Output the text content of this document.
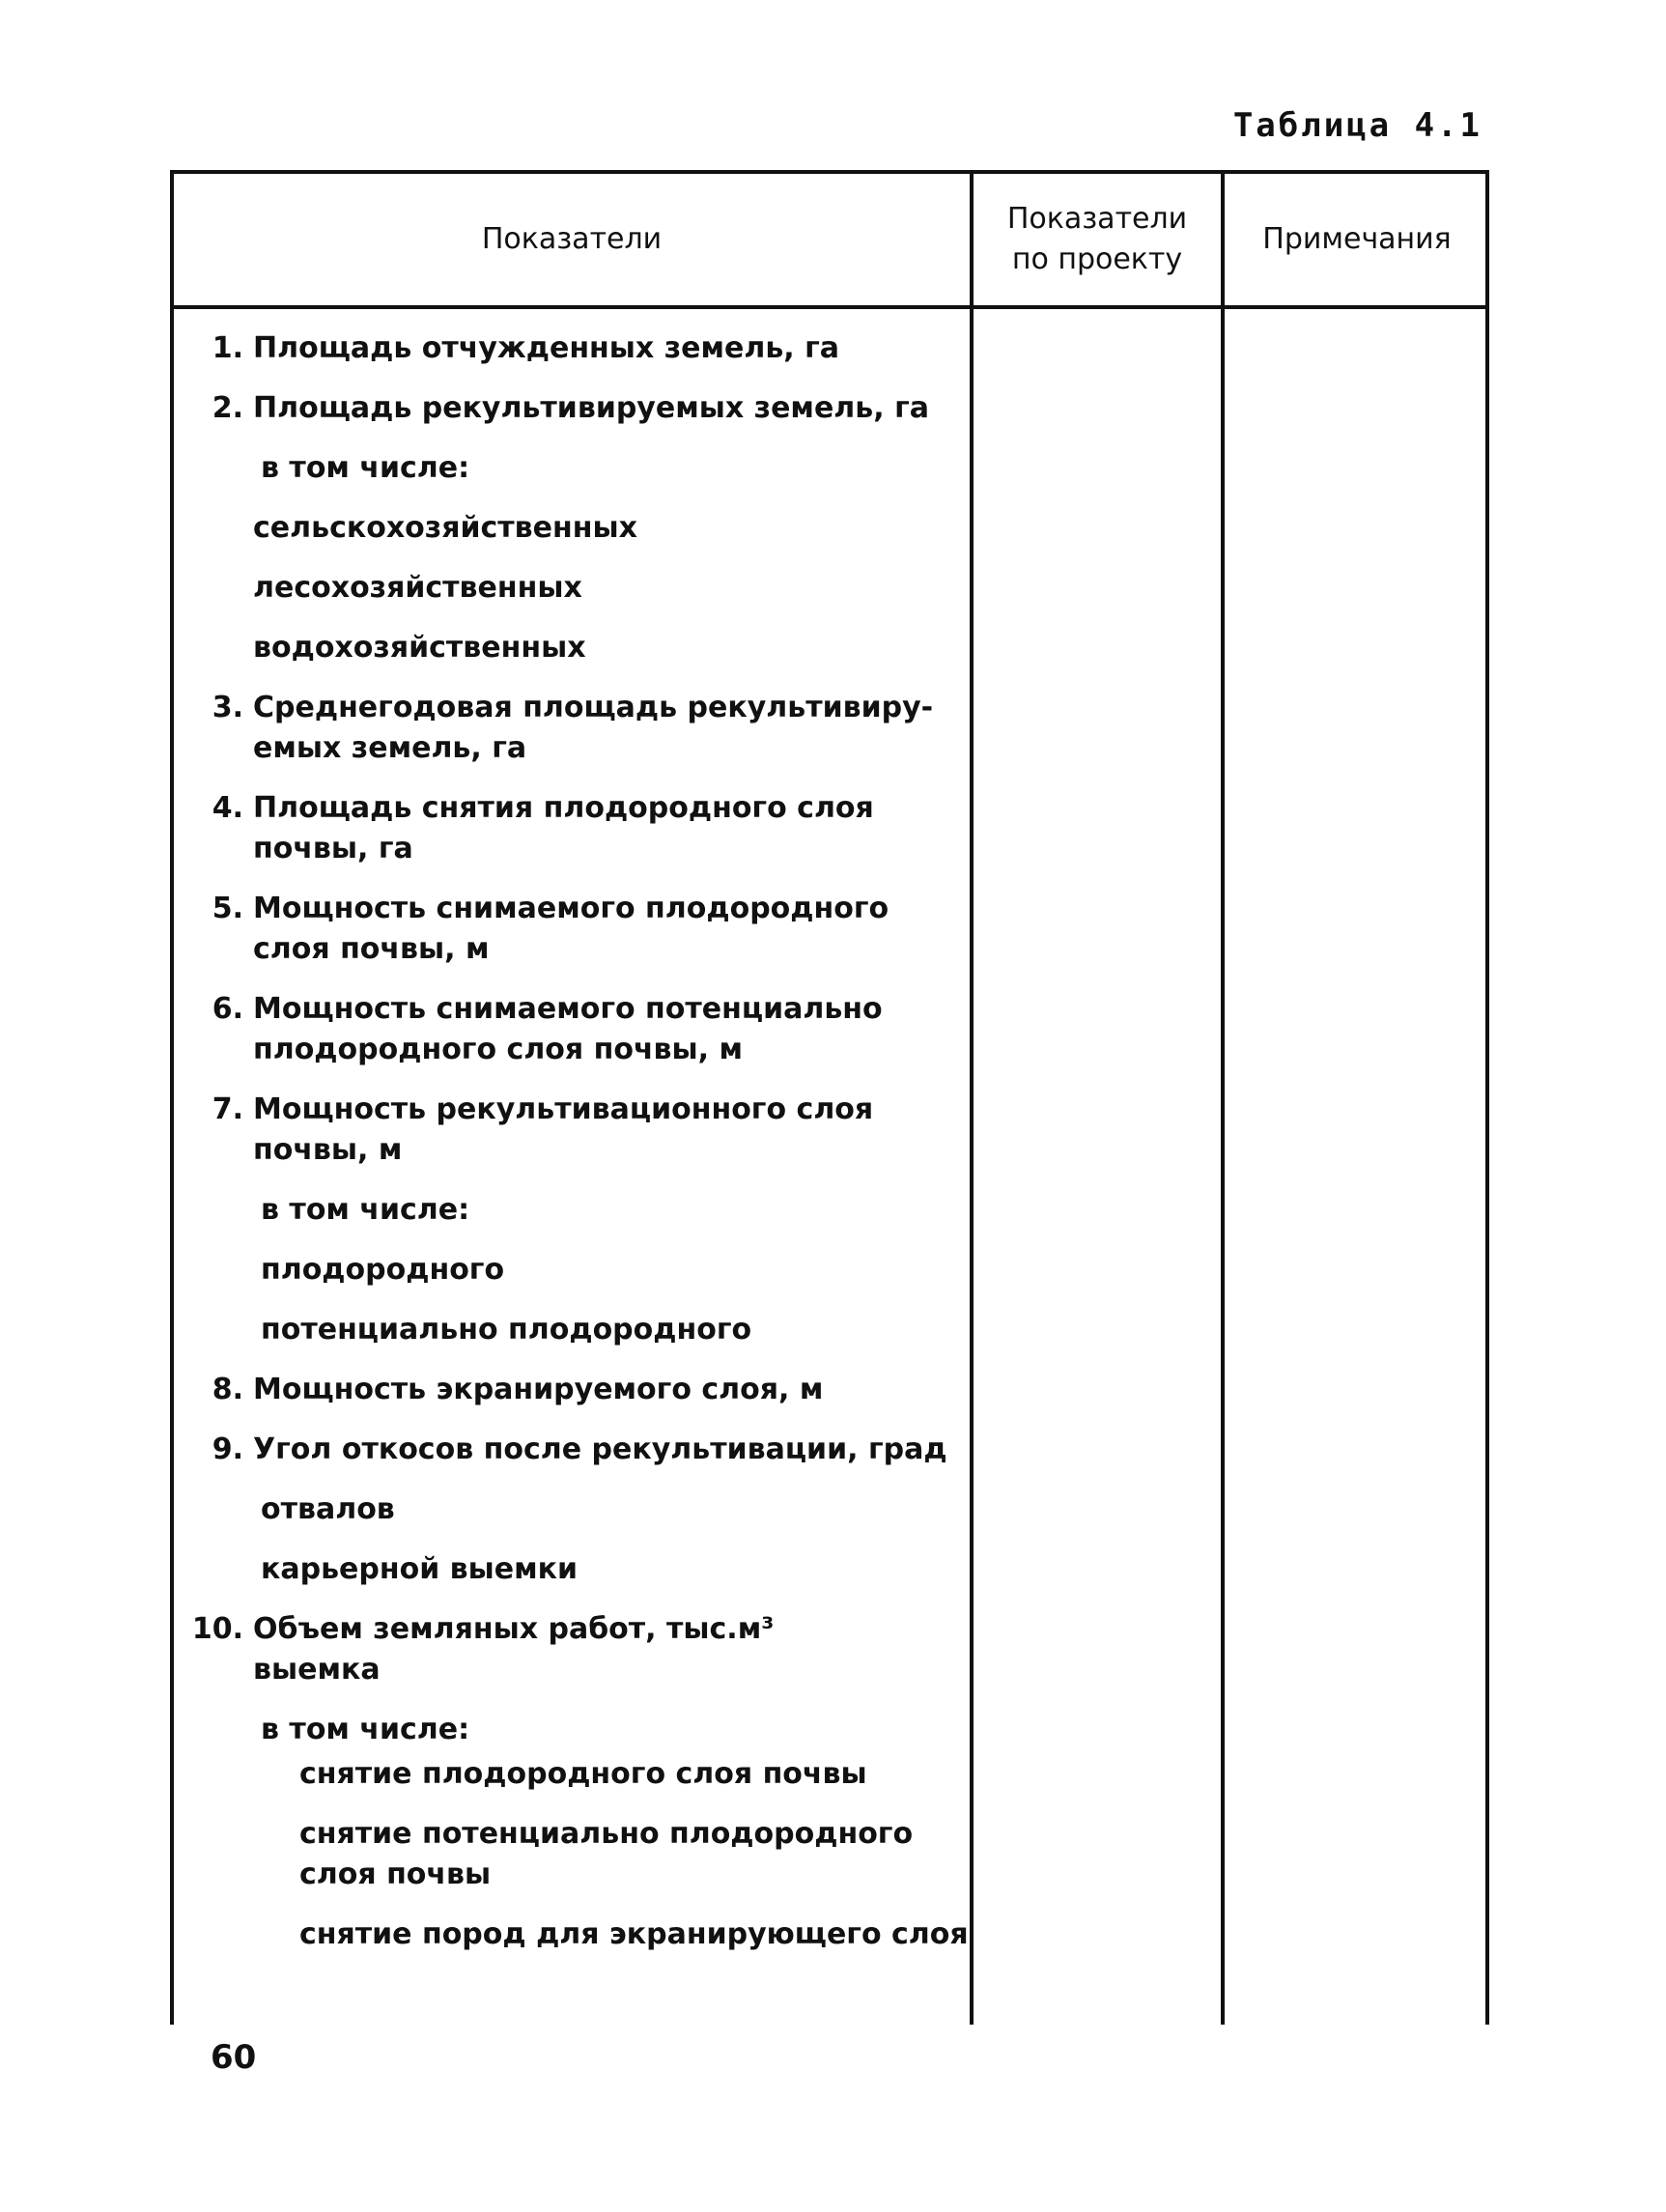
Таблица 4.1
Показатели
Показатели
по проекту
Примечания
1. Площадь отчужденных земель, га
2. Площадь рекультивируемых земель, га
в том числе:
сельскохозяйственных
лесохозяйственных
водохозяйственных
3. Среднегодовая площадь рекультивиру-
емых земель, га
4. Площадь снятия плодородного слоя
почвы, га
5. Мощность снимаемого плодородного
слоя почвы, м
6. Мощность снимаемого потенциально
плодородного слоя почвы, м
7. Мощность рекультивационного слоя
почвы, м
в том числе:
плодородного
потенциально плодородного
8. Мощность экранируемого слоя, м
9. Угол откосов после рекультивации, град
отвалов
карьерной выемки
10. Объем земляных работ, тыс.м³
выемка
в том числе:
снятие плодородного слоя почвы
снятие потенциально плодородного
слоя почвы
снятие пород для экранирующего слоя
60
